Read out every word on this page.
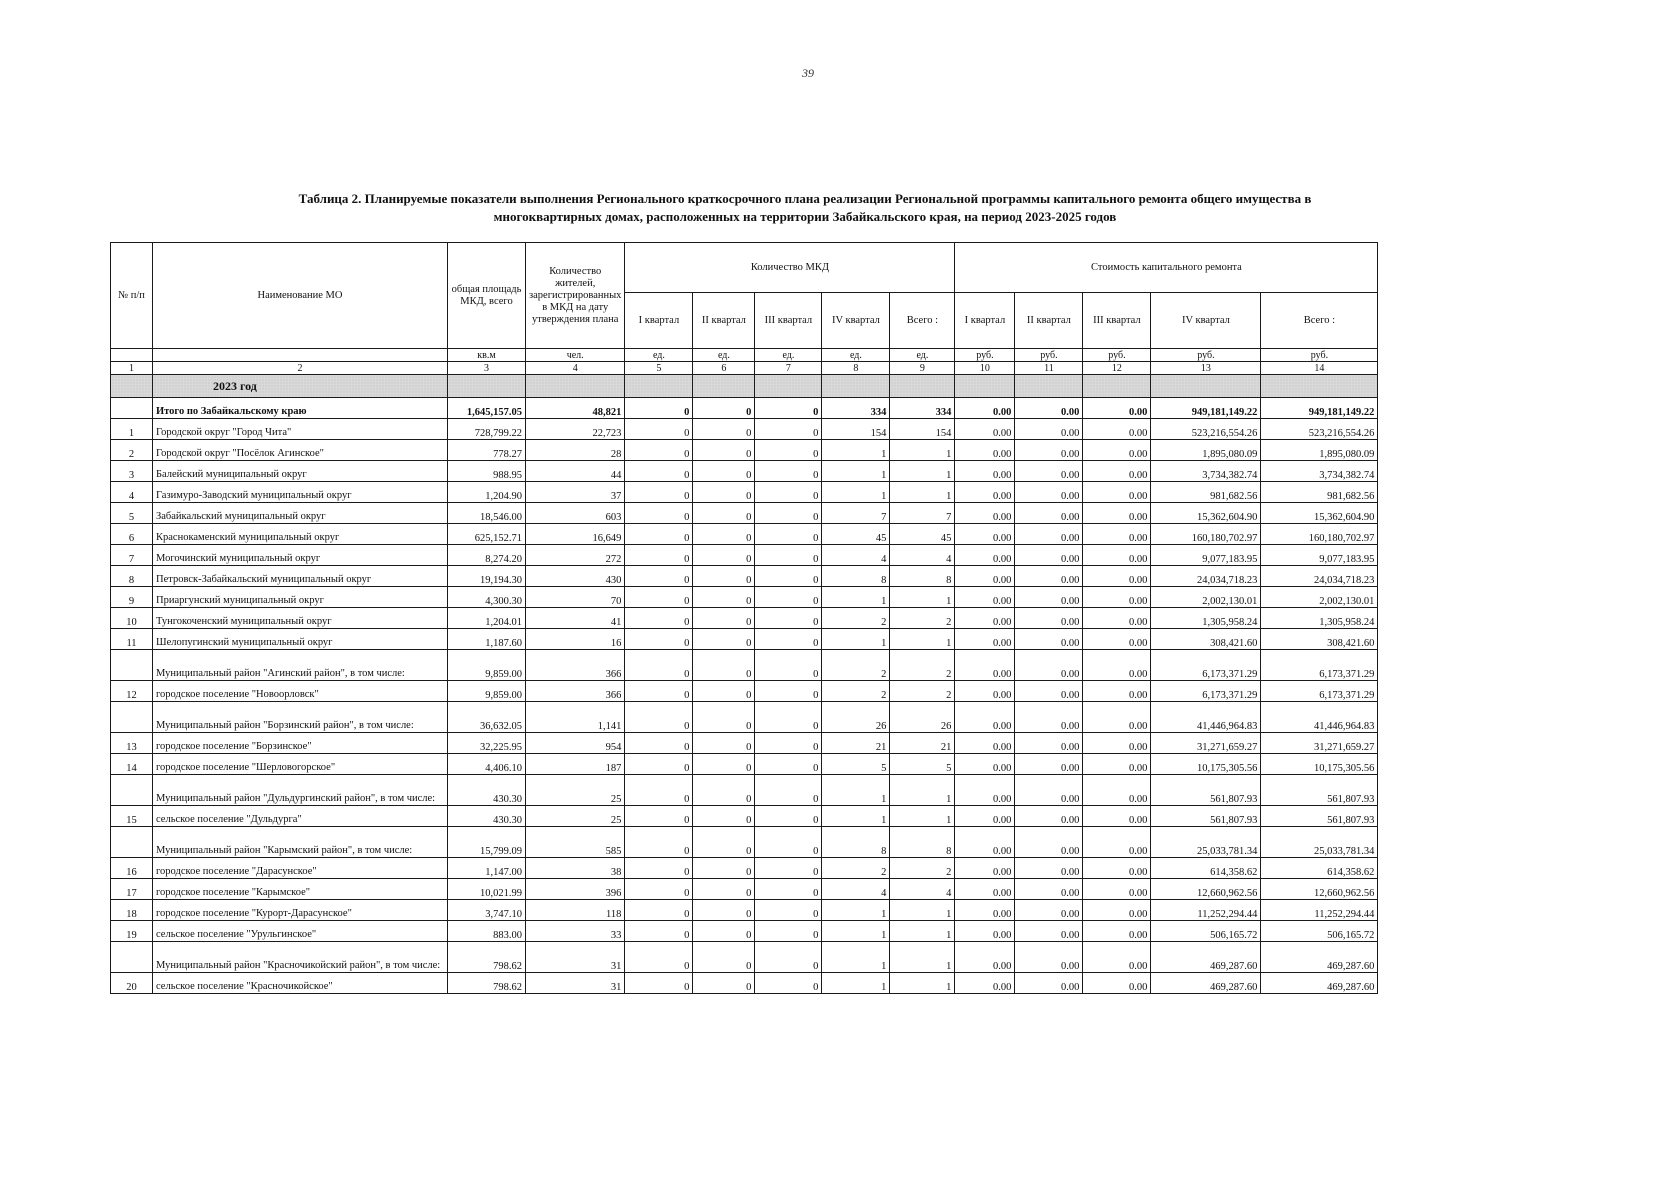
39
Таблица 2. Планируемые показатели выполнения Регионального краткосрочного плана реализации Региональной программы капитального ремонта общего имущества в
многоквартирных домах, расположенных на территории Забайкальского края, на период 2023-2025 годов
№ п/п	Наименование МО	общая площадь МКД, всего	Количество жителей, зарегистрированных в МКД на дату утверждения плана	Количество МКД					Стоимость капитального ремонта				
				I квартал	II квартал	III квартал	IV квартал	Всего :	I квартал	II квартал	III квартал	IV квартал	Всего :
		кв.м	чел.	ед.	ед.	ед.	ед.	ед.	руб.	руб.	руб.	руб.	руб.
1	2	3	4	5	6	7	8	9	10	11	12	13	14
	2023 год												
	Итого по Забайкальскому краю	1,645,157.05	48,821	0	0	0	334	334	0.00	0.00	0.00	949,181,149.22	949,181,149.22
1	Городской округ "Город Чита"	728,799.22	22,723	0	0	0	154	154	0.00	0.00	0.00	523,216,554.26	523,216,554.26
2	Городской округ "Посёлок Агинское"	778.27	28	0	0	0	1	1	0.00	0.00	0.00	1,895,080.09	1,895,080.09
3	Балейский муниципальный округ	988.95	44	0	0	0	1	1	0.00	0.00	0.00	3,734,382.74	3,734,382.74
4	Газимуро-Заводский муниципальный округ	1,204.90	37	0	0	0	1	1	0.00	0.00	0.00	981,682.56	981,682.56
5	Забайкальский муниципальный округ	18,546.00	603	0	0	0	7	7	0.00	0.00	0.00	15,362,604.90	15,362,604.90
6	Краснокаменский муниципальный округ	625,152.71	16,649	0	0	0	45	45	0.00	0.00	0.00	160,180,702.97	160,180,702.97
7	Могочинский муниципальный округ	8,274.20	272	0	0	0	4	4	0.00	0.00	0.00	9,077,183.95	9,077,183.95
8	Петровск-Забайкальский муниципальный округ	19,194.30	430	0	0	0	8	8	0.00	0.00	0.00	24,034,718.23	24,034,718.23
9	Приаргунский муниципальный округ	4,300.30	70	0	0	0	1	1	0.00	0.00	0.00	2,002,130.01	2,002,130.01
10	Тунгокоченский муниципальный округ	1,204.01	41	0	0	0	2	2	0.00	0.00	0.00	1,305,958.24	1,305,958.24
11	Шелопугинский муниципальный округ	1,187.60	16	0	0	0	1	1	0.00	0.00	0.00	308,421.60	308,421.60
	Муниципальный район "Агинский район", в том числе:	9,859.00	366	0	0	0	2	2	0.00	0.00	0.00	6,173,371.29	6,173,371.29
12	городское поселение "Новоорловск"	9,859.00	366	0	0	0	2	2	0.00	0.00	0.00	6,173,371.29	6,173,371.29
	Муниципальный район "Борзинский район", в том числе:	36,632.05	1,141	0	0	0	26	26	0.00	0.00	0.00	41,446,964.83	41,446,964.83
13	городское поселение "Борзинское"	32,225.95	954	0	0	0	21	21	0.00	0.00	0.00	31,271,659.27	31,271,659.27
14	городское поселение "Шерловогорское"	4,406.10	187	0	0	0	5	5	0.00	0.00	0.00	10,175,305.56	10,175,305.56
	Муниципальный район "Дульдургинский район", в том числе:	430.30	25	0	0	0	1	1	0.00	0.00	0.00	561,807.93	561,807.93
15	сельское поселение "Дульдурга"	430.30	25	0	0	0	1	1	0.00	0.00	0.00	561,807.93	561,807.93
	Муниципальный район "Карымский район", в том числе:	15,799.09	585	0	0	0	8	8	0.00	0.00	0.00	25,033,781.34	25,033,781.34
16	городское поселение "Дарасунское"	1,147.00	38	0	0	0	2	2	0.00	0.00	0.00	614,358.62	614,358.62
17	городское поселение "Карымское"	10,021.99	396	0	0	0	4	4	0.00	0.00	0.00	12,660,962.56	12,660,962.56
18	городское поселение "Курорт-Дарасунское"	3,747.10	118	0	0	0	1	1	0.00	0.00	0.00	11,252,294.44	11,252,294.44
19	сельское поселение "Урульгинское"	883.00	33	0	0	0	1	1	0.00	0.00	0.00	506,165.72	506,165.72
	Муниципальный район "Красночикойский район", в том числе:	798.62	31	0	0	0	1	1	0.00	0.00	0.00	469,287.60	469,287.60
20	сельское поселение "Красночикойское"	798.62	31	0	0	0	1	1	0.00	0.00	0.00	469,287.60	469,287.60
